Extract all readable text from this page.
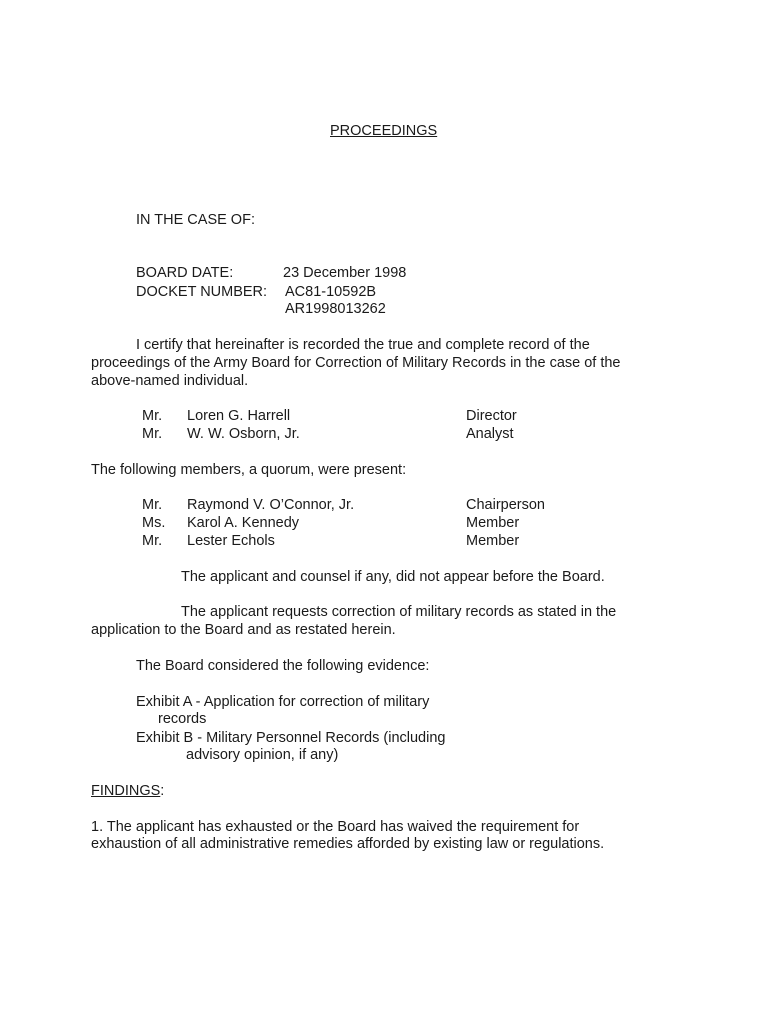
PROCEEDINGS
IN THE CASE OF:
BOARD DATE:	23 December 1998
DOCKET NUMBER: AC81-10592B
AR1998013262
I certify that hereinafter is recorded the true and complete record of the
proceedings of the Army Board for Correction of Military Records in the case of the
above-named individual.
Mr. Loren G. Harrell	Director
Mr. W. W. Osborn, Jr.	Analyst
The following members, a quorum, were present:
Mr. Raymond V. O’Connor, Jr.	Chairperson
Ms. Karol A. Kennedy	Member
Mr. Lester Echols	Member
The applicant and counsel if any, did not appear before the Board.
The applicant requests correction of military records as stated in the
application to the Board and as restated herein.
The Board considered the following evidence:
Exhibit A - Application for correction of military
records
Exhibit B - Military Personnel Records (including
advisory opinion, if any)
FINDINGS:
1. The applicant has exhausted or the Board has waived the requirement for
exhaustion of all administrative remedies afforded by existing law or regulations.
